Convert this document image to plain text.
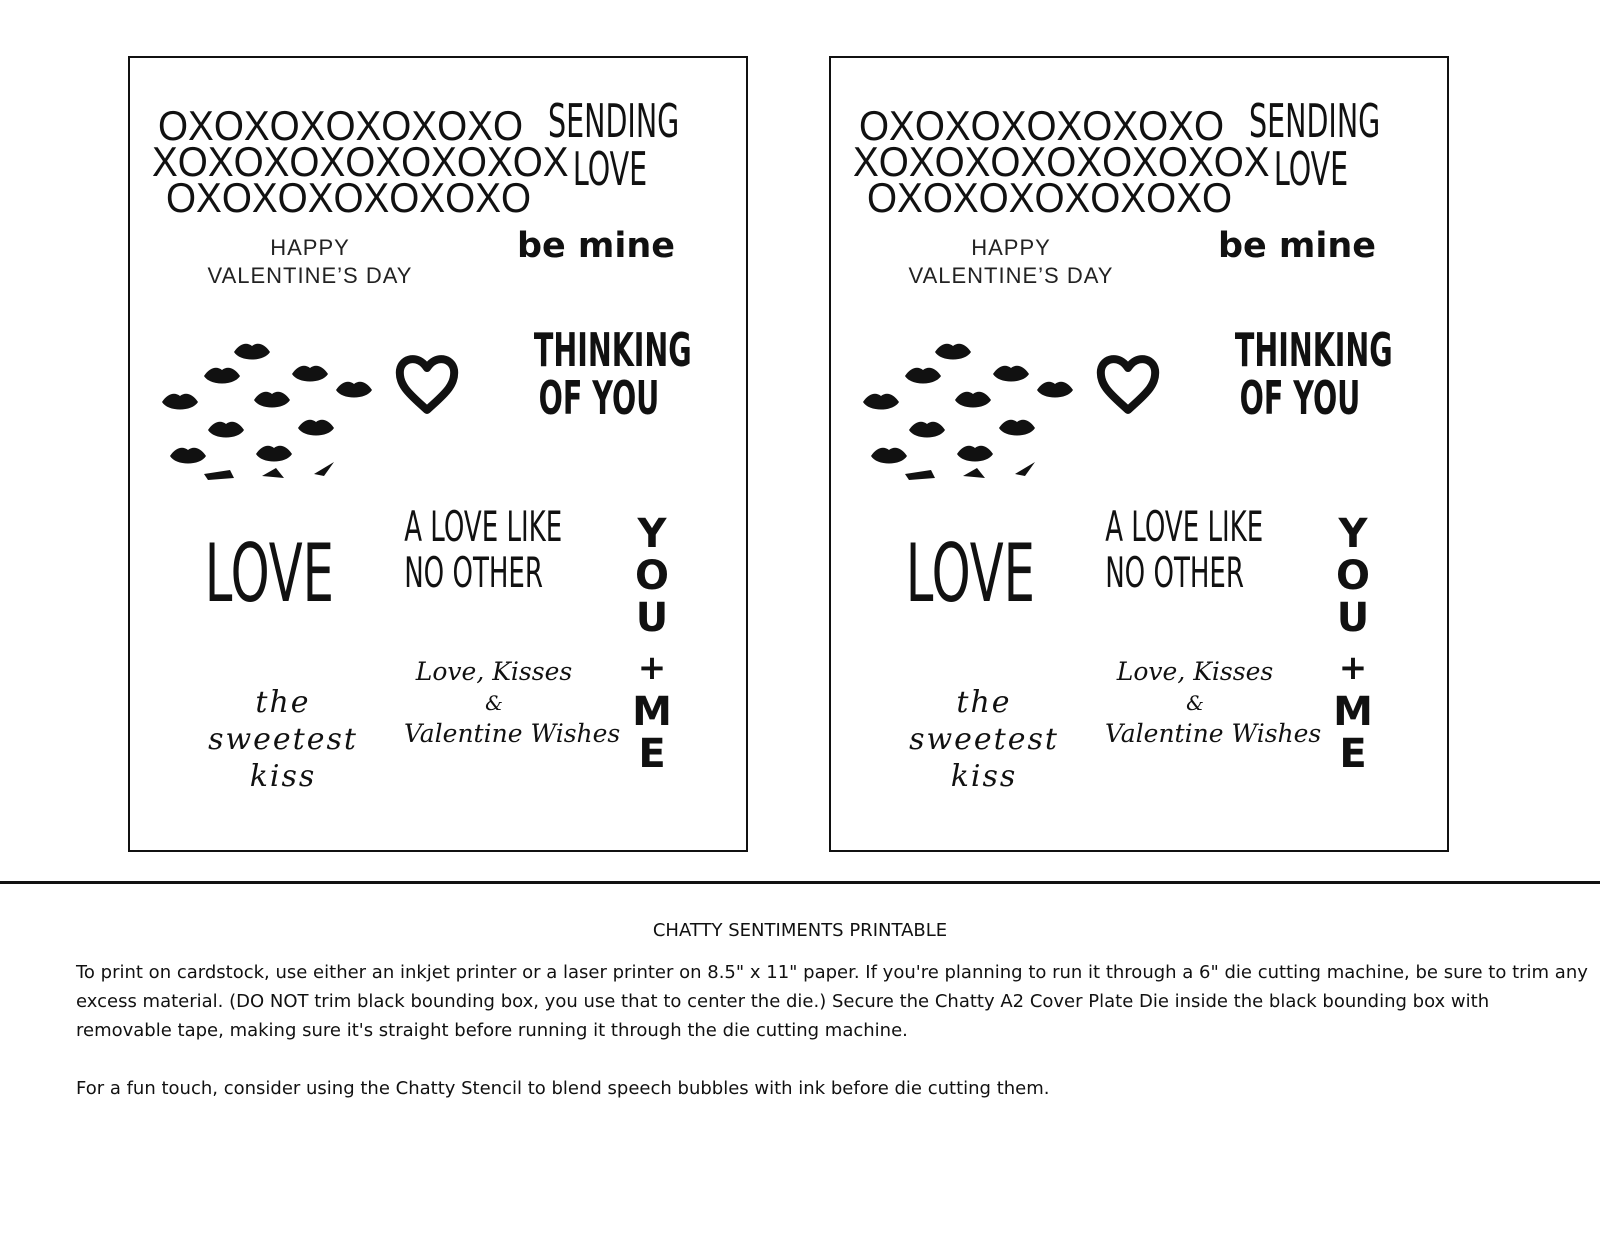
OXOXOXOXOXOXO
XOXOXOXOXOXOXOX
OXOXOXOXOXOXO
SENDING
LOVE
HAPPY
VALENTINE’S DAY
be mine
THINKING
OF YOU
LOVE
A LOVE LIKE
NO OTHER
Y
O
U
+
M
E
the
sweetest
kiss
Love, Kisses
&
Valentine Wishes
OXOXOXOXOXOXO
XOXOXOXOXOXOXOX
OXOXOXOXOXOXO
SENDING
LOVE
HAPPY
VALENTINE’S DAY
be mine
THINKING
OF YOU
LOVE
A LOVE LIKE
NO OTHER
Y
O
U
+
M
E
the
sweetest
kiss
Love, Kisses
&
Valentine Wishes
CHATTY SENTIMENTS PRINTABLE

To print on cardstock, use either an inkjet printer or a laser printer on 8.5" x 11" paper. If you're planning to run it through a 6" die cutting machine, be sure to trim any excess material. (DO NOT trim black bounding box, you use that to center the die.) Secure the Chatty A2 Cover Plate Die inside the black bounding box with removable tape, making sure it's straight before running it through the die cutting machine.

For a fun touch, consider using the Chatty Stencil to blend speech bubbles with ink before die cutting them.
